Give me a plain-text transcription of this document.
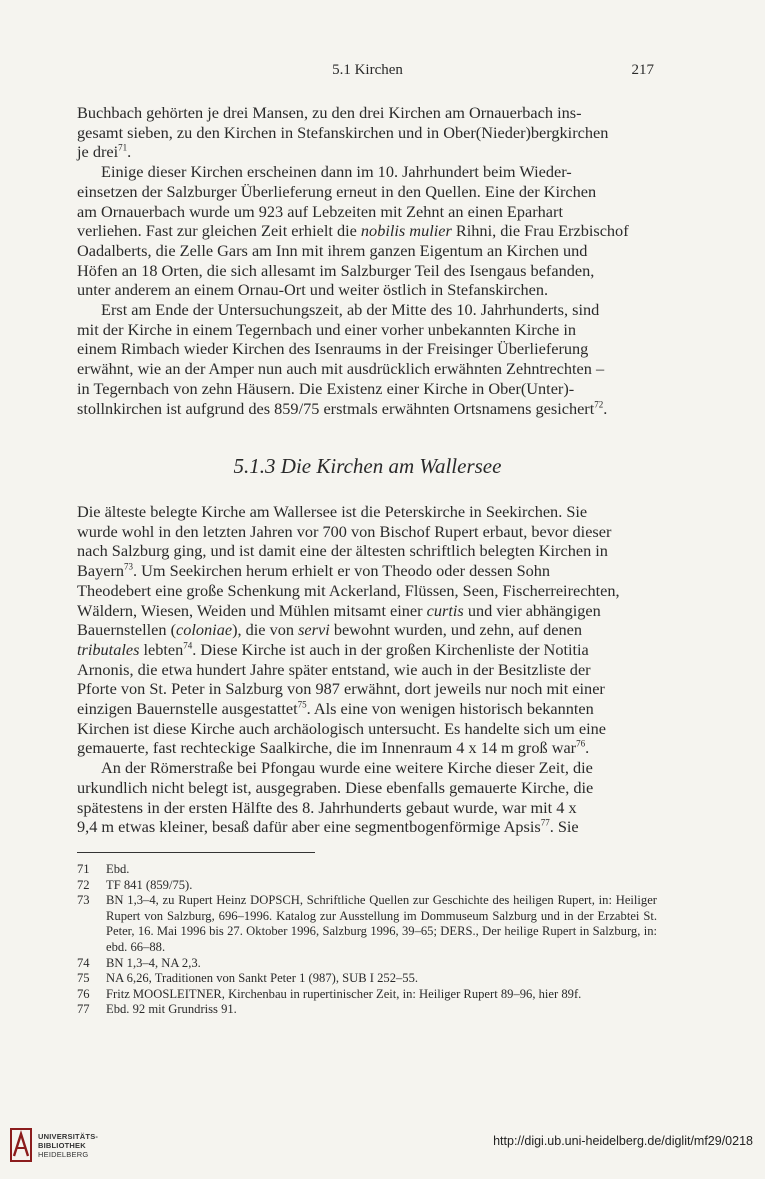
5.1 Kirchen	217

Buchbach gehörten je drei Mansen, zu den drei Kirchen am Ornauerbach ins-
gesamt sieben, zu den Kirchen in Stefanskirchen und in Ober(Nieder)bergkirchen
je drei$^{71}$.

Einige dieser Kirchen erscheinen dann im 10. Jahrhundert beim Wieder-
einsetzen der Salzburger Überlieferung erneut in den Quellen. Eine der Kirchen
am Ornauerbach wurde um 923 auf Lebzeiten mit Zehnt an einen Eparhart
verliehen. Fast zur gleichen Zeit erhielt die nobilis mulier Rihni, die Frau Erzbischof
Oadalberts, die Zelle Gars am Inn mit ihrem ganzen Eigentum an Kirchen und
Höfen an 18 Orten, die sich allesamt im Salzburger Teil des Isengaus befanden,
unter anderem an einem Ornau-Ort und weiter östlich in Stefanskirchen.

Erst am Ende der Untersuchungszeit, ab der Mitte des 10. Jahrhunderts, sind
mit der Kirche in einem Tegernbach und einer vorher unbekannten Kirche in
einem Rimbach wieder Kirchen des Isenraums in der Freisinger Überlieferung
erwähnt, wie an der Amper nun auch mit ausdrücklich erwähnten Zehntrechten –
in Tegernbach von zehn Häusern. Die Existenz einer Kirche in Ober(Unter)-
stollnkirchen ist aufgrund des 859/75 erstmals erwähnten Ortsnamens gesichert$^{72}$.

5.1.3 Die Kirchen am Wallersee

Die älteste belegte Kirche am Wallersee ist die Peterskirche in Seekirchen. Sie
wurde wohl in den letzten Jahren vor 700 von Bischof Rupert erbaut, bevor dieser
nach Salzburg ging, und ist damit eine der ältesten schriftlich belegten Kirchen in
Bayern$^{73}$. Um Seekirchen herum erhielt er von Theodo oder dessen Sohn
Theodebert eine große Schenkung mit Ackerland, Flüssen, Seen, Fischerreirechten,
Wäldern, Wiesen, Weiden und Mühlen mitsamt einer curtis und vier abhängigen
Bauernstellen (coloniae), die von servi bewohnt wurden, und zehn, auf denen
tributales lebten$^{74}$. Diese Kirche ist auch in der großen Kirchenliste der Notitia
Arnonis, die etwa hundert Jahre später entstand, wie auch in der Besitzliste der
Pforte von St. Peter in Salzburg von 987 erwähnt, dort jeweils nur noch mit einer
einzigen Bauernstelle ausgestattet$^{75}$. Als eine von wenigen historisch bekannten
Kirchen ist diese Kirche auch archäologisch untersucht. Es handelte sich um eine
gemauerte, fast rechteckige Saalkirche, die im Innenraum 4 x 14 m groß war$^{76}$.

An der Römerstraße bei Pfongau wurde eine weitere Kirche dieser Zeit, die
urkundlich nicht belegt ist, ausgegraben. Diese ebenfalls gemauerte Kirche, die
spätestens in der ersten Hälfte des 8. Jahrhunderts gebaut wurde, war mit 4 x
9,4 m etwas kleiner, besaß dafür aber eine segmentbogenförmige Apsis$^{77}$. Sie

71	Ebd.
72	TF 841 (859/75).
73	BN 1,3–4, zu Rupert Heinz DOPSCH, Schriftliche Quellen zur Geschichte des heiligen Rupert, in: Heiliger Rupert von Salzburg, 696–1996. Katalog zur Ausstellung im Dommuseum Salzburg und in der Erzabtei St. Peter, 16. Mai 1996 bis 27. Oktober 1996, Salzburg 1996, 39–65; DERS., Der heilige Rupert in Salzburg, in: ebd. 66–88.
74	BN 1,3–4, NA 2,3.
75	NA 6,26, Traditionen von Sankt Peter 1 (987), SUB I 252–55.
76	Fritz MOOSLEITNER, Kirchenbau in rupertinischer Zeit, in: Heiliger Rupert 89–96, hier 89f.
77	Ebd. 92 mit Grundriss 91.
UNIVERSITÄTS-
BIBLIOTHEK
HEIDELBERG
http://digi.ub.uni-heidelberg.de/diglit/mf29/0218
